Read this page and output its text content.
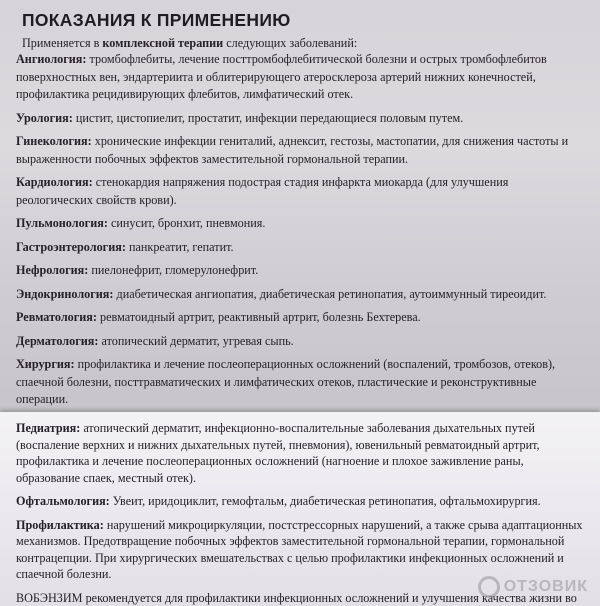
ПОКАЗАНИЯ К ПРИМЕНЕНИЮ
Применяется в комплексной терапии следующих заболеваний:
Ангиология: тромбофлебиты, лечение посттромбофлебитической болезни и острых тромбофлебитов поверхностных вен, эндартериита и облитерирующего атеросклероза артерий нижних конечностей, профилактика рецидивирующих флебитов, лимфатический отек.
Урология: цистит, цистопиелит, простатит, инфекции передающиеся половым путем.
Гинекология: хронические инфекции гениталий, аднексит, гестозы, мастопатии, для снижения частоты и выраженности побочных эффектов заместительной гормональной терапии.
Кардиология: стенокардия напряжения подострая стадия инфаркта миокарда (для улучшения реологических свойств крови).
Пульмонология: синусит, бронхит, пневмония.
Гастроэнтерология: панкреатит, гепатит.
Нефрология: пиелонефрит, гломерулонефрит.
Эндокринология: диабетическая ангиопатия, диабетическая ретинопатия, аутоиммунный тиреоидит.
Ревматология: ревматоидный артрит, реактивный артрит, болезнь Бехтерева.
Дерматология: атопический дерматит, угревая сыпь.
Хирургия: профилактика и лечение послеоперационных осложнений (воспалений, тромбозов, отеков), спаечной болезни, посттравматических и лимфатических отеков, пластические и реконструктивные операции.
Педиатрия: атопический дерматит, инфекционно-воспалительные заболевания дыхательных путей (воспаление верхних и нижних дыхательных путей, пневмония), ювенильный ревматоидный артрит, профилактика и лечение послеоперационных осложнений (нагноение и плохое заживление раны, образование спаек, местный отек).
Офтальмология: Увеит, иридоциклит, гемофтальм, диабетическая ретинопатия, офтальмохирургия.
Профилактика: нарушений микроциркуляции, постстрессорных нарушений, а также срыва адаптационных механизмов. Предотвращение побочных эффектов заместительной гормональной терапии, гормональной контрацепции. При хирургических вмешательствах с целью профилактики инфекционных осложнений и спаечной болезни.
ВОБЭНЗИМ рекомендуется для профилактики инфекционных осложнений и улучшения качества жизни во
ОТЗОВИК
